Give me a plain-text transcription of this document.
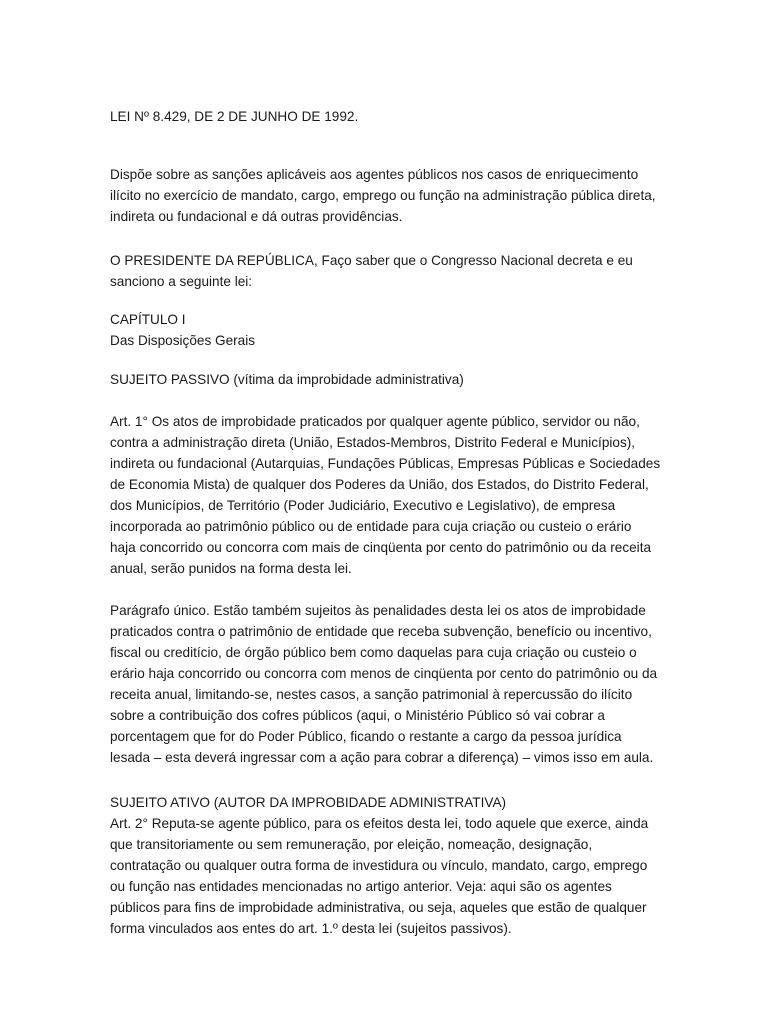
LEI Nº 8.429, DE 2 DE JUNHO DE 1992.

Dispõe sobre as sanções aplicáveis aos agentes públicos nos casos de enriquecimento
ilícito no exercício de mandato, cargo, emprego ou função na administração pública direta,
indireta ou fundacional e dá outras providências.

O PRESIDENTE DA REPÚBLICA, Faço saber que o Congresso Nacional decreta e eu
sanciono a seguinte lei:

CAPÍTULO I
Das Disposições Gerais

SUJEITO PASSIVO (vítima da improbidade administrativa)

Art. 1° Os atos de improbidade praticados por qualquer agente público, servidor ou não,
contra a administração direta (União, Estados-Membros, Distrito Federal e Municípios),
indireta ou fundacional (Autarquias, Fundações Públicas, Empresas Públicas e Sociedades
de Economia Mista) de qualquer dos Poderes da União, dos Estados, do Distrito Federal,
dos Municípios, de Território (Poder Judiciário, Executivo e Legislativo), de empresa
incorporada ao patrimônio público ou de entidade para cuja criação ou custeio o erário
haja concorrido ou concorra com mais de cinqüenta por cento do patrimônio ou da receita
anual, serão punidos na forma desta lei.

Parágrafo único. Estão também sujeitos às penalidades desta lei os atos de improbidade
praticados contra o patrimônio de entidade que receba subvenção, benefício ou incentivo,
fiscal ou creditício, de órgão público bem como daquelas para cuja criação ou custeio o
erário haja concorrido ou concorra com menos de cinqüenta por cento do patrimônio ou da
receita anual, limitando-se, nestes casos, a sanção patrimonial à repercussão do ilícito
sobre a contribuição dos cofres públicos (aqui, o Ministério Público só vai cobrar a
porcentagem que for do Poder Público, ficando o restante a cargo da pessoa jurídica
lesada – esta deverá ingressar com a ação para cobrar a diferença) – vimos isso em aula.

SUJEITO ATIVO (AUTOR DA IMPROBIDADE ADMINISTRATIVA)
Art. 2° Reputa-se agente público, para os efeitos desta lei, todo aquele que exerce, ainda
que transitoriamente ou sem remuneração, por eleição, nomeação, designação,
contratação ou qualquer outra forma de investidura ou vínculo, mandato, cargo, emprego
ou função nas entidades mencionadas no artigo anterior. Veja: aqui são os agentes
públicos para fins de improbidade administrativa, ou seja, aqueles que estão de qualquer
forma vinculados aos entes do art. 1.º desta lei (sujeitos passivos).
